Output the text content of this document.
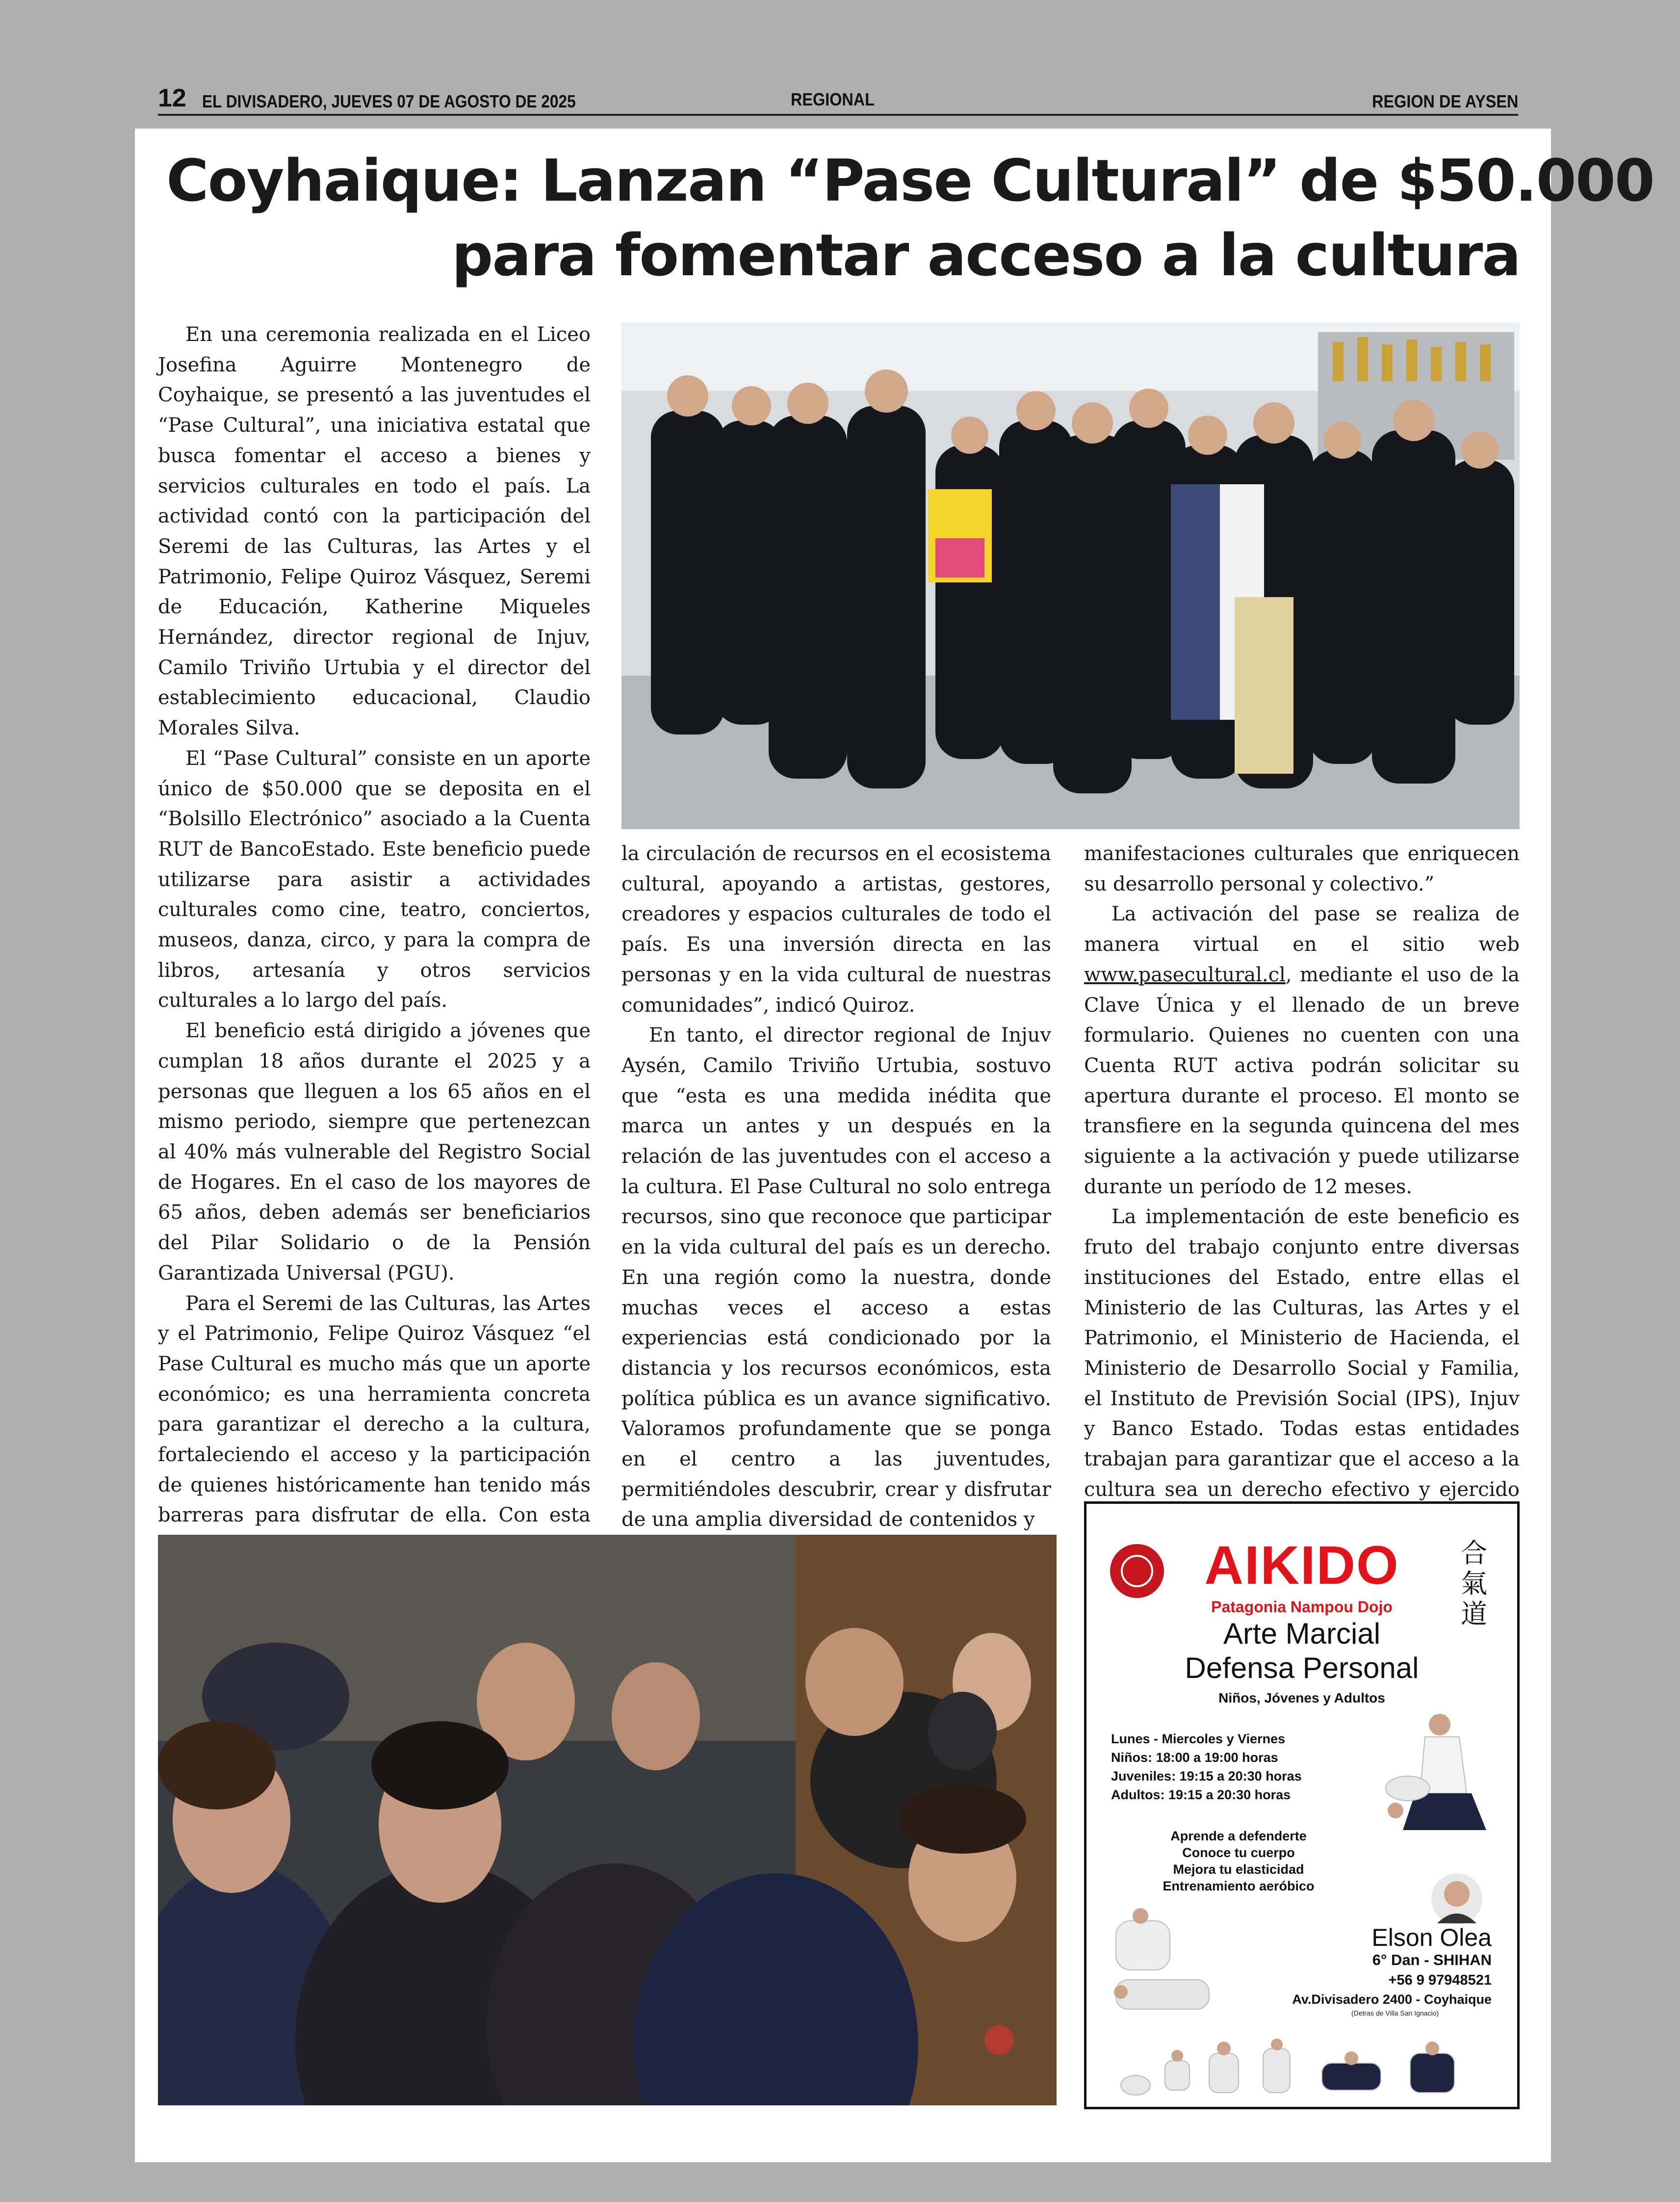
12 EL DIVISADERO, JUEVES 07 DE AGOSTO DE 2025	REGIONAL	REGION DE AYSEN
Coyhaique: Lanzan “Pase Cultural” de $50.000
para fomentar acceso a la cultura

En una ceremonia realizada en el Liceo Josefina Aguirre Montenegro de Coyhaique, se presentó a las juventudes el “Pase Cultural”, una iniciativa estatal que busca fomentar el acceso a bienes y servicios culturales en todo el país. La actividad contó con la participación del Seremi de las Culturas, las Artes y el Patrimonio, Felipe Quiroz Vásquez, Seremi de Educación, Katherine Miqueles Hernández, director regional de Injuv, Camilo Triviño Urtubia y el director del establecimiento educacional, Claudio Morales Silva.

El “Pase Cultural” consiste en un aporte único de $50.000 que se deposita en el “Bolsillo Electrónico” asociado a la Cuenta RUT de BancoEstado. Este beneficio puede utilizarse para asistir a actividades culturales como cine, teatro, conciertos, museos, danza, circo, y para la compra de libros, artesanía y otros servicios culturales a lo largo del país.

El beneficio está dirigido a jóvenes que cumplan 18 años durante el 2025 y a personas que lleguen a los 65 años en el mismo periodo, siempre que pertenezcan al 40% más vulnerable del Registro Social de Hogares. En el caso de los mayores de 65 años, deben además ser beneficiarios del Pilar Solidario o de la Pensión Garantizada Universal (PGU).

Para el Seremi de las Culturas, las Artes y el Patrimonio, Felipe Quiroz Vásquez “el Pase Cultural es mucho más que un aporte económico; es una herramienta concreta para garantizar el derecho a la cultura, fortaleciendo el acceso y la participación de quienes históricamente han tenido más barreras para disfrutar de ella. Con esta

la circulación de recursos en el ecosistema cultural, apoyando a artistas, gestores, creadores y espacios culturales de todo el país. Es una inversión directa en las personas y en la vida cultural de nuestras comunidades”, indicó Quiroz.

En tanto, el director regional de Injuv Aysén, Camilo Triviño Urtubia, sostuvo que “esta es una medida inédita que marca un antes y un después en la relación de las juventudes con el acceso a la cultura. El Pase Cultural no solo entrega recursos, sino que reconoce que participar en la vida cultural del país es un derecho. En una región como la nuestra, donde muchas veces el acceso a estas experiencias está condicionado por la distancia y los recursos económicos, esta política pública es un avance significativo. Valoramos profundamente que se ponga en el centro a las juventudes, permitiéndoles descubrir, crear y disfrutar de una amplia diversidad de contenidos y

manifestaciones culturales que enriquecen su desarrollo personal y colectivo.”

La activación del pase se realiza de manera virtual en el sitio web www.pasecultural.cl, mediante el uso de la Clave Única y el llenado de un breve formulario. Quienes no cuenten con una Cuenta RUT activa podrán solicitar su apertura durante el proceso. El monto se transfiere en la segunda quincena del mes siguiente a la activación y puede utilizarse durante un período de 12 meses.

La implementación de este beneficio es fruto del trabajo conjunto entre diversas instituciones del Estado, entre ellas el Ministerio de las Culturas, las Artes y el Patrimonio, el Ministerio de Hacienda, el Ministerio de Desarrollo Social y Familia, el Instituto de Previsión Social (IPS), Injuv y Banco Estado. Todas estas entidades trabajan para garantizar que el acceso a la cultura sea un derecho efectivo y ejercido

AIKIDO	合氣道
Patagonia Nampou Dojo
Arte Marcial
Defensa Personal
Niños, Jóvenes y Adultos
Lunes - Miercoles y Viernes
Niños: 18:00 a 19:00 horas
Juveniles: 19:15 a 20:30 horas
Adultos: 19:15 a 20:30 horas
Aprende a defenderte
Conoce tu cuerpo
Mejora tu elasticidad
Entrenamiento aeróbico
Elson Olea
6° Dan - SHIHAN
+56 9 97948521
Av.Divisadero 2400 - Coyhaique
(Detras de Villa San Ignacio)
